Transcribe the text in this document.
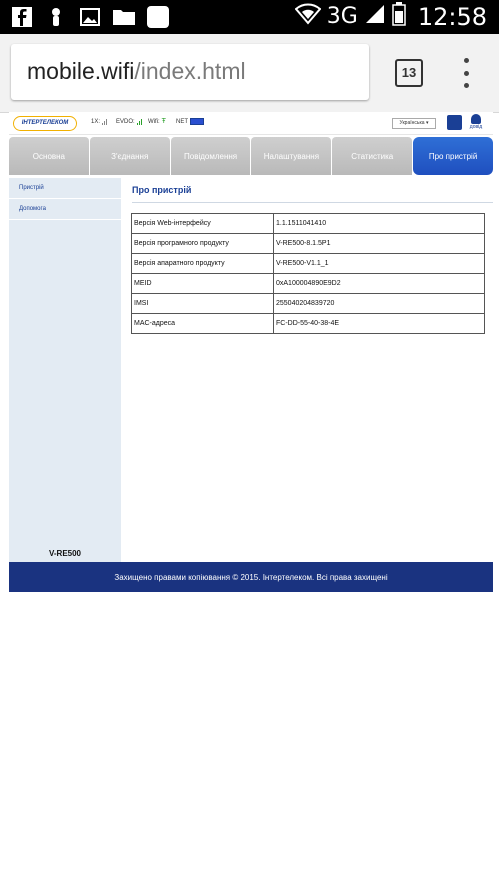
3G	12:58
mobile.wifi/index.html	13
ІНТЕРТЕЛЕКОМ	1X:	EVDO: Wifi: Ŧ NET	Українська ▾
довід
Основна	З'єднання	Повідомлення	Налаштування	Статистика	Про пристрій
Пристрій
Допомога
V-RE500
Про пристрій
Версія Web-інтерфейсу	1.1.1511041410
Версія програмного продукту	V-RE500-8.1.5P1
Версія апаратного продукту	V-RE500-V1.1_1
MEID	0xA100004890E9D2
IMSI	255040204839720
MAC-адреса	FC-DD-55-40-38-4E
Захищено правами копіювання © 2015. Інтертелеком. Всі права захищені
